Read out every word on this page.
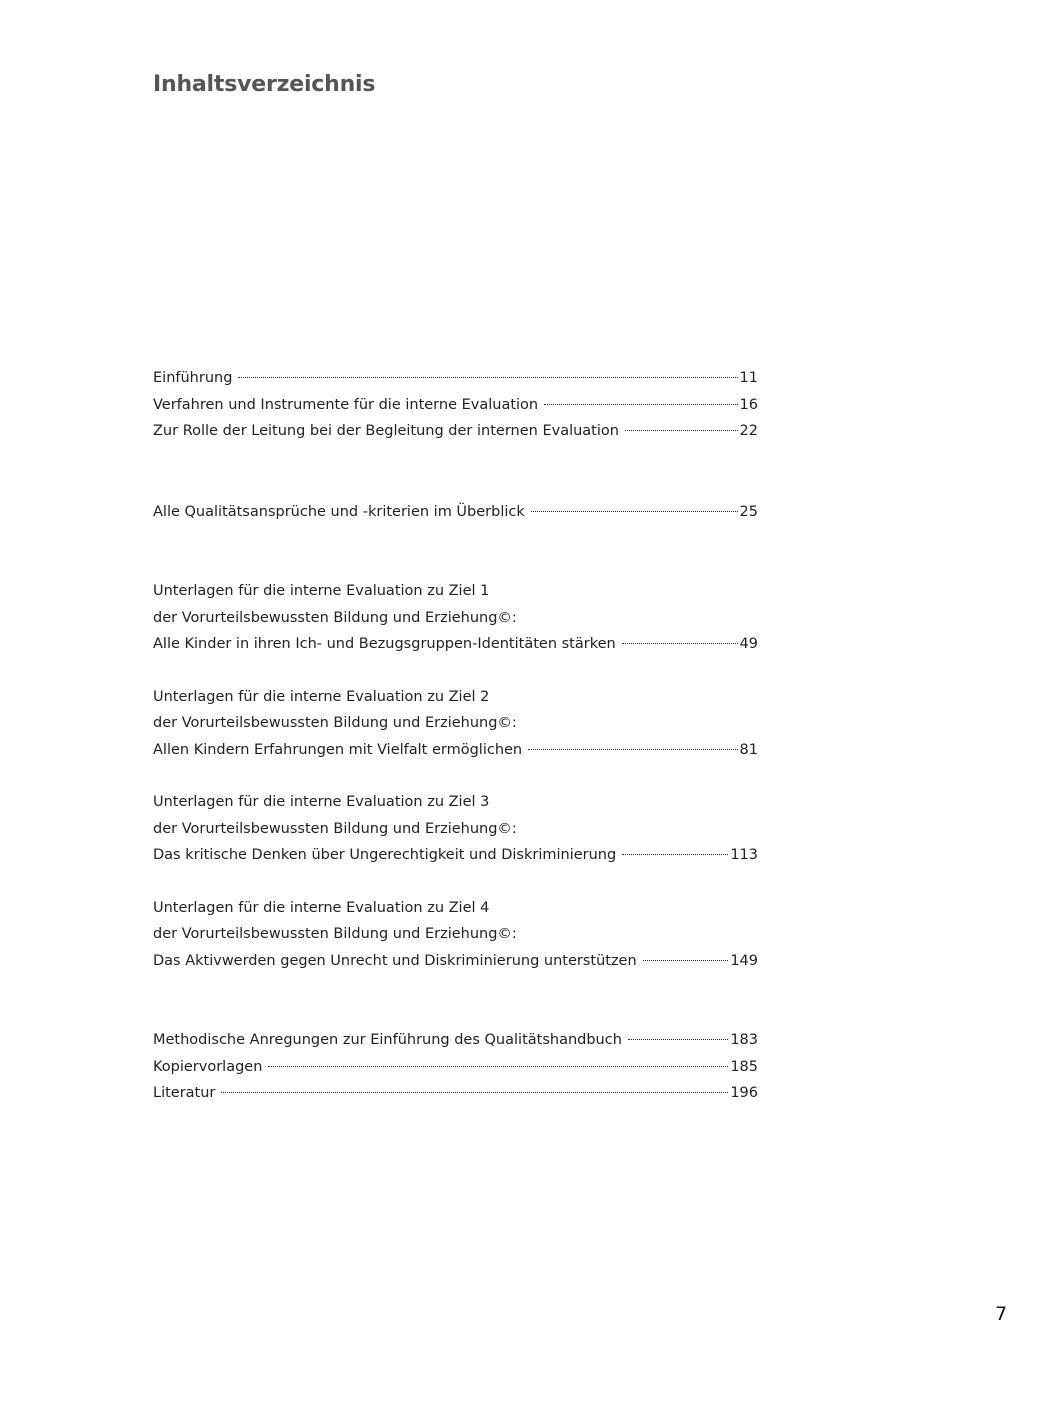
Inhaltsverzeichnis
Einführung	11
Verfahren und Instrumente für die interne Evaluation	16
Zur Rolle der Leitung bei der Begleitung der internen Evaluation	22
Alle Qualitätsansprüche und -kriterien im Überblick	25
Unterlagen für die interne Evaluation zu Ziel 1
der Vorurteilsbewussten Bildung und Erziehung©:
Alle Kinder in ihren Ich- und Bezugsgruppen-Identitäten stärken	49
Unterlagen für die interne Evaluation zu Ziel 2
der Vorurteilsbewussten Bildung und Erziehung©:
Allen Kindern Erfahrungen mit Vielfalt ermöglichen	81
Unterlagen für die interne Evaluation zu Ziel 3
der Vorurteilsbewussten Bildung und Erziehung©:
Das kritische Denken über Ungerechtigkeit und Diskriminierung	113
Unterlagen für die interne Evaluation zu Ziel 4
der Vorurteilsbewussten Bildung und Erziehung©:
Das Aktivwerden gegen Unrecht und Diskriminierung unterstützen	149
Methodische Anregungen zur Einführung des Qualitätshandbuch	183
Kopiervorlagen	185
Literatur	196
7
